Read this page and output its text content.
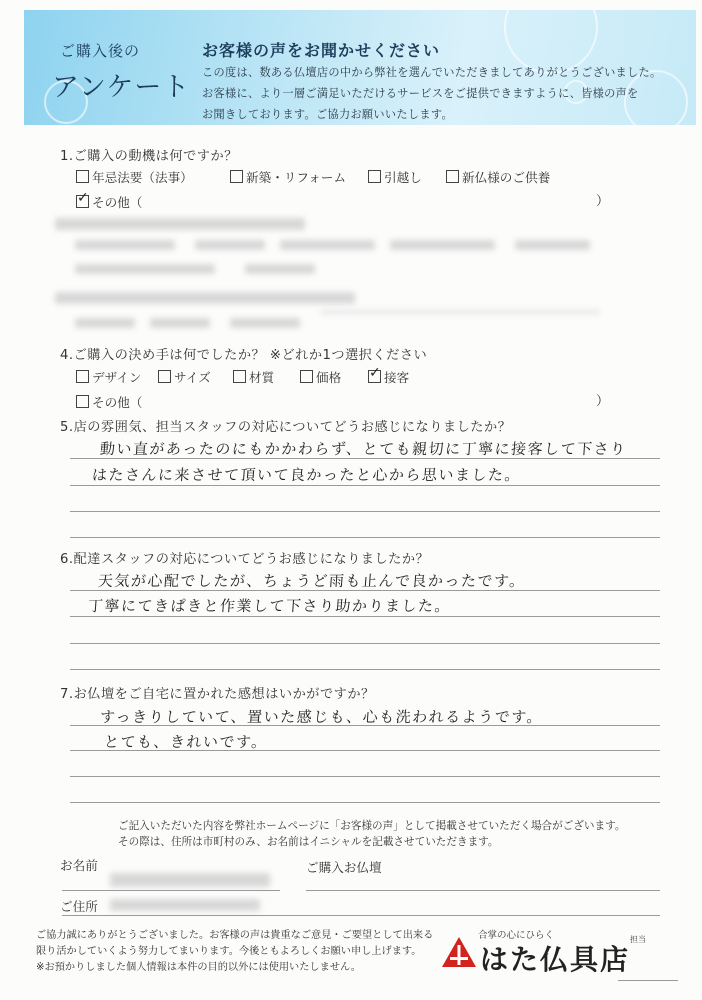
ご購入後の
アンケート
お客様の声をお聞かせください
この度は、数ある仏壇店の中から弊社を選んでいただきましてありがとうございました。
お客様に、より一層ご満足いただけるサービスをご提供できますように、皆様の声を
お聞きしております。ご協力お願いいたします。
1.ご購入の動機は何ですか？
年忌法要（法事）	新築・リフォーム	引越し	新仏様のご供養
✓その他（	）
4.ご購入の決め手は何でしたか？ ※どれか1つ選択ください
デザイン	サイズ	材質	価格
✓	接客
その他（	）
5.店の雰囲気、担当スタッフの対応についてどうお感じになりましたか？
動い直があったのにもかかわらず、とても親切に丁寧に接客して下さり
はたさんに来させて頂いて良かったと心から思いました。
6.配達スタッフの対応についてどうお感じになりましたか？
天気が心配でしたが、ちょうど雨も止んで良かったです。
丁寧にてきぱきと作業して下さり助かりました。
7.お仏壇をご自宅に置かれた感想はいかがですか？
すっきりしていて、置いた感じも、心も洗われるようです。
とても、きれいです。
ご記入いただいた内容を弊社ホームページに「お客様の声」として掲載させていただく場合がございます。
その際は、住所は市町村のみ、お名前はイニシャルを記載させていただきます。
お名前	ご購入お仏壇
ご住所
ご協力誠にありがとうございました。お客様の声は貴重なご意見・ご要望として出来る
限り活かしていくよう努力してまいります。今後ともよろしくお願い申し上げます。
※お預かりしました個人情報は本件の目的以外には使用いたしません。
合掌の心にひらく
はた仏具店
担当
